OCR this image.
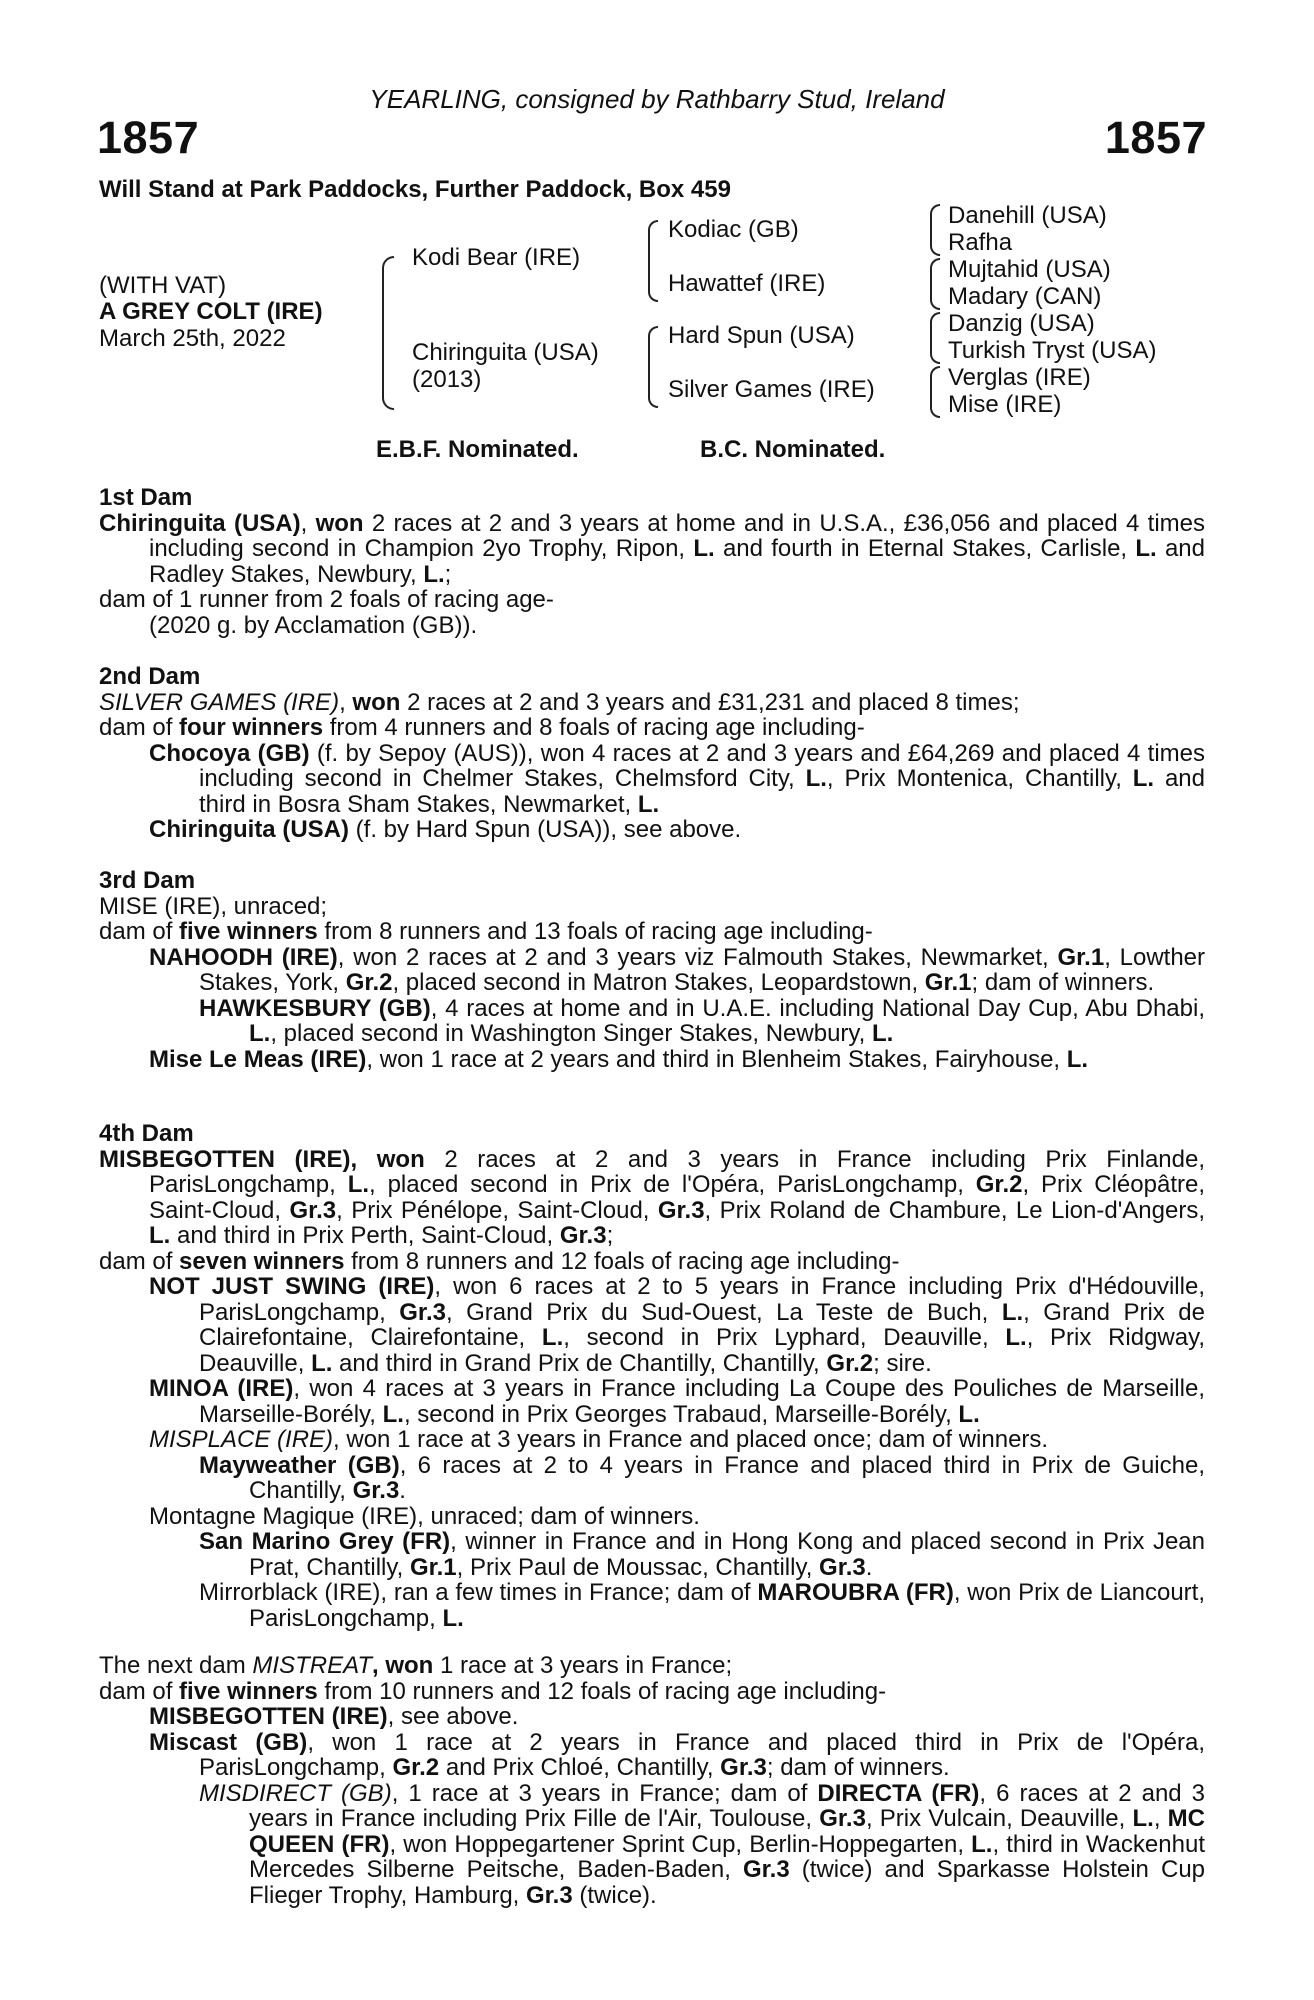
YEARLING, consigned by Rathbarry Stud, Ireland
1857	1857
Will Stand at Park Paddocks, Further Paddock, Box 459
(WITH VAT)
A GREY COLT (IRE)
March 25th, 2022
Kodi Bear (IRE)
Chiringuita (USA)
(2013)
Kodiac (GB)
Hawattef (IRE)
Hard Spun (USA)
Silver Games (IRE)
Danehill (USA)
Rafha
Mujtahid (USA)
Madary (CAN)
Danzig (USA)
Turkish Tryst (USA)
Verglas (IRE)
Mise (IRE)
E.B.F. Nominated.	B.C. Nominated.

1st Dam

Chiringuita (USA), won 2 races at 2 and 3 years at home and in U.S.A., £36,056 and placed 4 times including second in Champion 2yo Trophy, Ripon, L. and fourth in Eternal Stakes, Carlisle, L. and Radley Stakes, Newbury, L.;

dam of 1 runner from 2 foals of racing age-

(2020 g. by Acclamation (GB)).

2nd Dam

SILVER GAMES (IRE), won 2 races at 2 and 3 years and £31,231 and placed 8 times;

dam of four winners from 4 runners and 8 foals of racing age including-

Chocoya (GB) (f. by Sepoy (AUS)), won 4 races at 2 and 3 years and £64,269 and placed 4 times including second in Chelmer Stakes, Chelmsford City, L., Prix Montenica, Chantilly, L. and third in Bosra Sham Stakes, Newmarket, L.

Chiringuita (USA) (f. by Hard Spun (USA)), see above.

3rd Dam

MISE (IRE), unraced;

dam of five winners from 8 runners and 13 foals of racing age including-

NAHOODH (IRE), won 2 races at 2 and 3 years viz Falmouth Stakes, Newmarket, Gr.1, Lowther Stakes, York, Gr.2, placed second in Matron Stakes, Leopardstown, Gr.1; dam of winners.

HAWKESBURY (GB), 4 races at home and in U.A.E. including National Day Cup, Abu Dhabi, L., placed second in Washington Singer Stakes, Newbury, L.

Mise Le Meas (IRE), won 1 race at 2 years and third in Blenheim Stakes, Fairyhouse, L.

4th Dam

MISBEGOTTEN (IRE), won 2 races at 2 and 3 years in France including Prix Finlande, ParisLongchamp, L., placed second in Prix de l'Opéra, ParisLongchamp, Gr.2, Prix Cléopâtre, Saint-Cloud, Gr.3, Prix Pénélope, Saint-Cloud, Gr.3, Prix Roland de Chambure, Le Lion-d'Angers, L. and third in Prix Perth, Saint-Cloud, Gr.3;

dam of seven winners from 8 runners and 12 foals of racing age including-

NOT JUST SWING (IRE), won 6 races at 2 to 5 years in France including Prix d'Hédouville, ParisLongchamp, Gr.3, Grand Prix du Sud-Ouest, La Teste de Buch, L., Grand Prix de Clairefontaine, Clairefontaine, L., second in Prix Lyphard, Deauville, L., Prix Ridgway, Deauville, L. and third in Grand Prix de Chantilly, Chantilly, Gr.2; sire.

MINOA (IRE), won 4 races at 3 years in France including La Coupe des Pouliches de Marseille, Marseille-Borély, L., second in Prix Georges Trabaud, Marseille-Borély, L.

MISPLACE (IRE), won 1 race at 3 years in France and placed once; dam of winners.

Mayweather (GB), 6 races at 2 to 4 years in France and placed third in Prix de Guiche, Chantilly, Gr.3.

Montagne Magique (IRE), unraced; dam of winners.

San Marino Grey (FR), winner in France and in Hong Kong and placed second in Prix Jean Prat, Chantilly, Gr.1, Prix Paul de Moussac, Chantilly, Gr.3.

Mirrorblack (IRE), ran a few times in France; dam of MAROUBRA (FR), won Prix de Liancourt, ParisLongchamp, L.

The next dam MISTREAT, won 1 race at 3 years in France;

dam of five winners from 10 runners and 12 foals of racing age including-

MISBEGOTTEN (IRE), see above.

Miscast (GB), won 1 race at 2 years in France and placed third in Prix de l'Opéra, ParisLongchamp, Gr.2 and Prix Chloé, Chantilly, Gr.3; dam of winners.

MISDIRECT (GB), 1 race at 3 years in France; dam of DIRECTA (FR), 6 races at 2 and 3 years in France including Prix Fille de l'Air, Toulouse, Gr.3, Prix Vulcain, Deauville, L., MC QUEEN (FR), won Hoppegartener Sprint Cup, Berlin-Hoppegarten, L., third in Wackenhut Mercedes Silberne Peitsche, Baden-Baden, Gr.3 (twice) and Sparkasse Holstein Cup Flieger Trophy, Hamburg, Gr.3 (twice).
